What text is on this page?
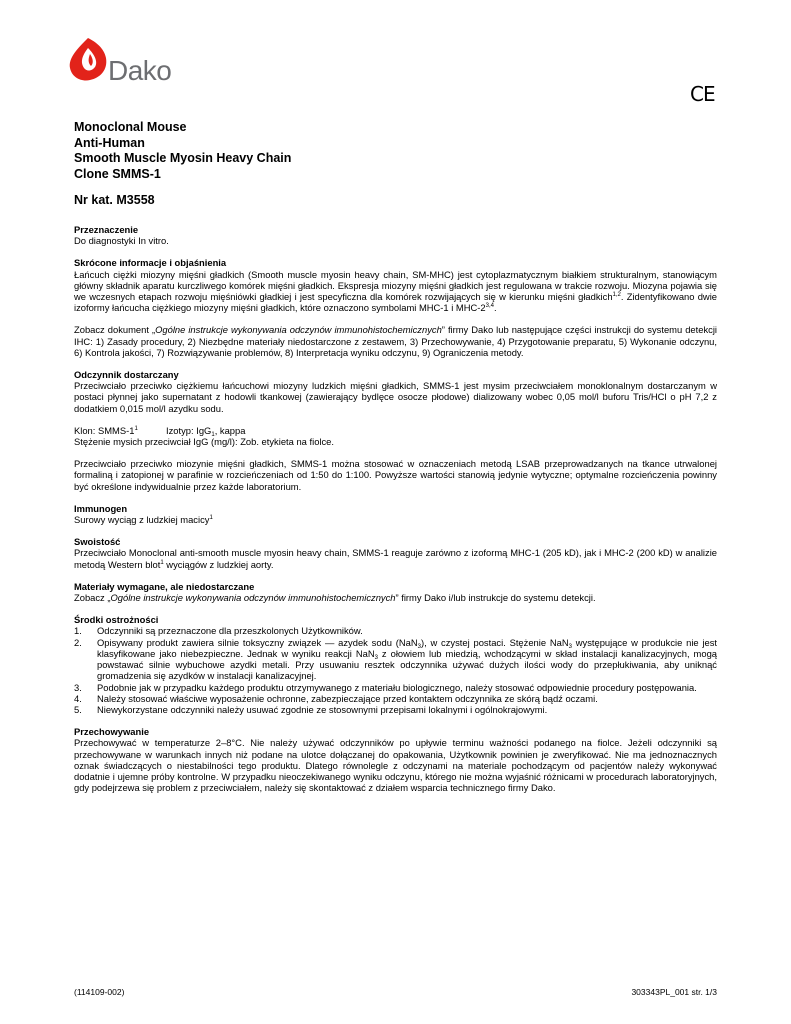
Dako
CE
Monoclonal Mouse
Anti-Human
Smooth Muscle Myosin Heavy Chain
Clone SMMS-1
Nr kat. M3558

Przeznaczenie

Do diagnostyki In vitro.

Skrócone informacje i objaśnienia

Łańcuch ciężki miozyny mięśni gładkich (Smooth muscle myosin heavy chain, SM-MHC) jest cytoplazmatycznym białkiem strukturalnym, stanowiącym główny składnik aparatu kurczliwego komórek mięśni gładkich. Ekspresja miozyny mięśni gładkich jest regulowana w trakcie rozwoju. Miozyna pojawia się we wczesnych etapach rozwoju mięśniówki gładkiej i jest specyficzna dla komórek rozwijających się w kierunku mięśni gładkich$^{1,2}$. Zidentyfikowano dwie izoformy łańcucha ciężkiego miozyny mięśni gładkich, które oznaczono symbolami MHC-1 i MHC-2$^{3,4}$.

Zobacz dokument „Ogólne instrukcje wykonywania odczynów immunohistochemicznych” firmy Dako lub następujące części instrukcji do systemu detekcji IHC: 1) Zasady procedury, 2) Niezbędne materiały niedostarczone z zestawem, 3) Przechowywanie, 4) Przygotowanie preparatu, 5) Wykonanie odczynu, 6) Kontrola jakości, 7) Rozwiązywanie problemów, 8) Interpretacja wyniku odczynu, 9) Ograniczenia metody.

Odczynnik dostarczany

Przeciwciało przeciwko ciężkiemu łańcuchowi miozyny ludzkich mięśni gładkich, SMMS-1 jest mysim przeciwciałem monoklonalnym dostarczanym w postaci płynnej jako supernatant z hodowli tkankowej (zawierający bydlęce osocze płodowe) dializowany wobec 0,05 mol/l buforu Tris/HCl o pH 7,2 z dodatkiem 0,015 mol/l azydku sodu.

Klon: SMMS-$1^1$	Izotyp: IgG$_1$, kappa

Stężenie mysich przeciwciał IgG (mg/l): Zob. etykieta na fiolce.

Przeciwciało przeciwko miozynie mięśni gładkich, SMMS-1 można stosować w oznaczeniach metodą LSAB przeprowadzanych na tkance utrwalonej formaliną i zatopionej w parafinie w rozcieńczeniach od 1:50 do 1:100. Powyższe wartości stanowią jedynie wytyczne; optymalne rozcieńczenia powinny być określone indywidualnie przez każde laboratorium.

Immunogen

Surowy wyciąg z ludzkiej macicy$^1$

Swoistość

Przeciwciało Monoclonal anti-smooth muscle myosin heavy chain, SMMS-1 reaguje zarówno z izoformą MHC-1 (205 kD), jak i MHC-2 (200 kD) w analizie metodą Western blot$^1$ wyciągów z ludzkiej aorty.

Materiały wymagane, ale niedostarczane

Zobacz „Ogólne instrukcje wykonywania odczynów immunohistochemicznych” firmy Dako i/lub instrukcje do systemu detekcji.

Środki ostrożności

1. Odczynniki są przeznaczone dla przeszkolonych Użytkowników.
2. Opisywany produkt zawiera silnie toksyczny związek — azydek sodu (NaN$_3$), w czystej postaci. Stężenie NaN$_3$ występujące w produkcie nie jest klasyfikowane jako niebezpieczne. Jednak w wyniku reakcji NaN$_3$ z ołowiem lub miedzią, wchodzącymi w skład instalacji kanalizacyjnych, mogą powstawać silnie wybuchowe azydki metali. Przy usuwaniu resztek odczynnika używać dużych ilości wody do przepłukiwania, aby uniknąć gromadzenia się azydków w instalacji kanalizacyjnej.
3. Podobnie jak w przypadku każdego produktu otrzymywanego z materiału biologicznego, należy stosować odpowiednie procedury postępowania.
4. Należy stosować właściwe wyposażenie ochronne, zabezpieczające przed kontaktem odczynnika ze skórą bądź oczami.
5. Niewykorzystane odczynniki należy usuwać zgodnie ze stosownymi przepisami lokalnymi i ogólnokrajowymi.

Przechowywanie

Przechowywać w temperaturze 2–8°C. Nie należy używać odczynników po upływie terminu ważności podanego na fiolce. Jeżeli odczynniki są przechowywane w warunkach innych niż podane na ulotce dołączanej do opakowania, Użytkownik powinien je zweryfikować. Nie ma jednoznacznych oznak świadczących o niestabilności tego produktu. Dlatego równolegle z odczynami na materiale pochodzącym od pacjentów należy wykonywać dodatnie i ujemne próby kontrolne. W przypadku nieoczekiwanego wyniku odczynu, którego nie można wyjaśnić różnicami w procedurach laboratoryjnych, gdy podejrzewa się problem z przeciwciałem, należy się skontaktować z działem wsparcia technicznego firmy Dako.

(114109-002)	303343PL_001 str. 1/3
